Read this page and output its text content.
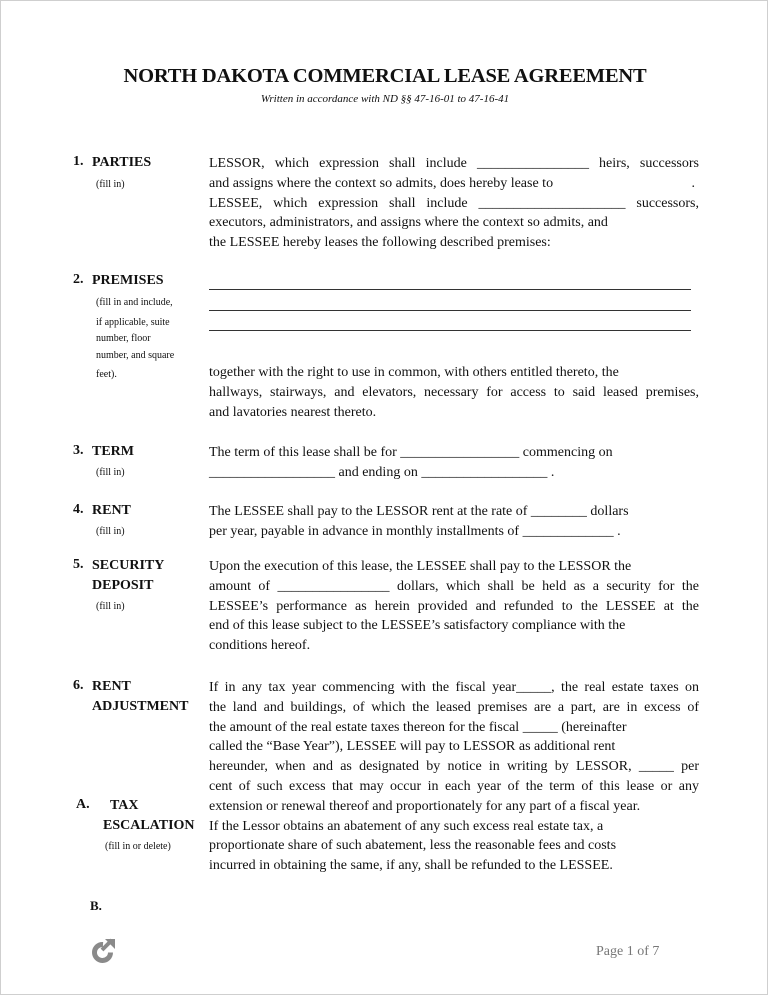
NORTH DAKOTA COMMERCIAL LEASE AGREEMENT
Written in accordance with ND §§ 47-16-01 to 47-16-41
1. PARTIES
(fill in)
LESSOR, which expression shall include ________________ heirs, successors
and assigns where the context so admits, does hereby lease to	.
LESSEE, which expression shall include _____________________ successors,
executors, administrators, and assigns where the context so admits, and
the LESSEE hereby leases the following described premises:
2. PREMISES
(fill in and include,
if applicable, suite
number, floor
number, and square
feet).	together with the right to use in common, with others entitled thereto, the
hallways, stairways, and elevators, necessary for access to said leased premises,
and lavatories nearest thereto.
3. TERM
(fill in)
The term of this lease shall be for _________________ commencing on
__________________ and ending on __________________ .
4. RENT
(fill in)
The LESSEE shall pay to the LESSOR rent at the rate of ________ dollars
per year, payable in advance in monthly installments of _____________ .
5. SECURITY
DEPOSIT
(fill in)
Upon the execution of this lease, the LESSEE shall pay to the LESSOR the
amount of ________________ dollars, which shall be held as a security for the
LESSEE’s performance as herein provided and refunded to the LESSEE at the
end of this lease subject to the LESSEE’s satisfactory compliance with the
conditions hereof.
6. RENT
ADJUSTMENT
A. TAX
ESCALATION
(fill in or delete)
If in any tax year commencing with the fiscal year_____, the real estate taxes on
the land and buildings, of which the leased premises are a part, are in excess of
the amount of the real estate taxes thereon for the fiscal _____ (hereinafter
called the “Base Year”), LESSEE will pay to LESSOR as additional rent
hereunder, when and as designated by notice in writing by LESSOR, _____ per
cent of such excess that may occur in each year of the term of this lease or any
extension or renewal thereof and proportionately for any part of a fiscal year.
If the Lessor obtains an abatement of any such excess real estate tax, a
proportionate share of such abatement, less the reasonable fees and costs
incurred in obtaining the same, if any, shall be refunded to the LESSEE.
B.
Page 1 of 7
